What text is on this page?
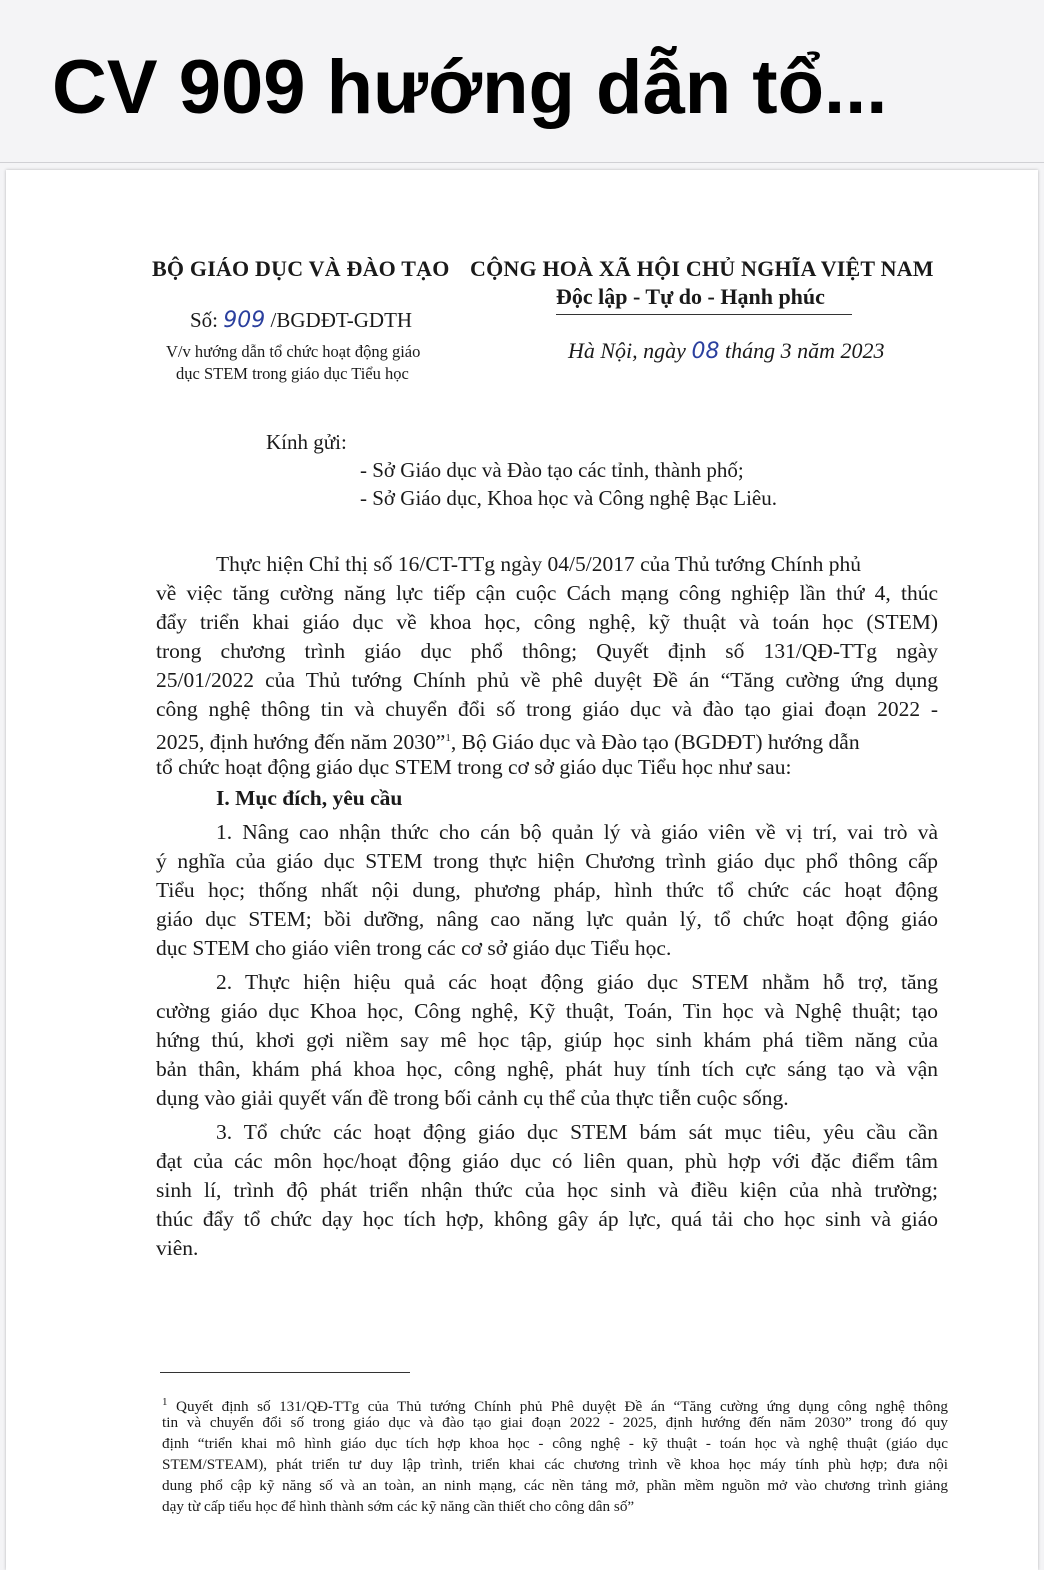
CV 909 hướng dẫn tổ...
BỘ GIÁO DỤC VÀ ĐÀO TẠO CỘNG HOÀ XÃ HỘI CHỦ NGHĨA VIỆT NAM
Độc lập - Tự do - Hạnh phúc
Số: 909 /BGDĐT-GDTH
V/v hướng dẫn tổ chức hoạt động giáo
dục STEM trong giáo dục Tiểu học
Hà Nội, ngày 08 tháng 3 năm 2023
Kính gửi:
- Sở Giáo dục và Đào tạo các tỉnh, thành phố;
- Sở Giáo dục, Khoa học và Công nghệ Bạc Liêu.
Thực hiện Chỉ thị số 16/CT-TTg ngày 04/5/2017 của Thủ tướng Chính phủ
về việc tăng cường năng lực tiếp cận cuộc Cách mạng công nghiệp lần thứ 4, thúc
đẩy triển khai giáo dục về khoa học, công nghệ, kỹ thuật và toán học (STEM)
trong chương trình giáo dục phổ thông; Quyết định số 131/QĐ-TTg ngày
25/01/2022 của Thủ tướng Chính phủ về phê duyệt Đề án “Tăng cường ứng dụng
công nghệ thông tin và chuyển đổi số trong giáo dục và đào tạo giai đoạn 2022 -
2025, định hướng đến năm 2030”$^1$, Bộ Giáo dục và Đào tạo (BGDĐT) hướng dẫn
tổ chức hoạt động giáo dục STEM trong cơ sở giáo dục Tiểu học như sau:
I. Mục đích, yêu cầu
1. Nâng cao nhận thức cho cán bộ quản lý và giáo viên về vị trí, vai trò và
ý nghĩa của giáo dục STEM trong thực hiện Chương trình giáo dục phổ thông cấp
Tiểu học; thống nhất nội dung, phương pháp, hình thức tổ chức các hoạt động
giáo dục STEM; bồi dưỡng, nâng cao năng lực quản lý, tổ chức hoạt động giáo
dục STEM cho giáo viên trong các cơ sở giáo dục Tiểu học.
2. Thực hiện hiệu quả các hoạt động giáo dục STEM nhằm hỗ trợ, tăng
cường giáo dục Khoa học, Công nghệ, Kỹ thuật, Toán, Tin học và Nghệ thuật; tạo
hứng thú, khơi gợi niềm say mê học tập, giúp học sinh khám phá tiềm năng của
bản thân, khám phá khoa học, công nghệ, phát huy tính tích cực sáng tạo và vận
dụng vào giải quyết vấn đề trong bối cảnh cụ thể của thực tiễn cuộc sống.
3. Tổ chức các hoạt động giáo dục STEM bám sát mục tiêu, yêu cầu cần
đạt của các môn học/hoạt động giáo dục có liên quan, phù hợp với đặc điểm tâm
sinh lí, trình độ phát triển nhận thức của học sinh và điều kiện của nhà trường;
thúc đẩy tổ chức dạy học tích hợp, không gây áp lực, quá tải cho học sinh và giáo
viên.
$^1$ Quyết định số 131/QĐ-TTg của Thủ tướng Chính phủ Phê duyệt Đề án “Tăng cường ứng dụng công nghệ thông
tin và chuyển đổi số trong giáo dục và đào tạo giai đoạn 2022 - 2025, định hướng đến năm 2030” trong đó quy
định “triển khai mô hình giáo dục tích hợp khoa học - công nghệ - kỹ thuật - toán học và nghệ thuật (giáo dục
STEM/STEAM), phát triển tư duy lập trình, triển khai các chương trình về khoa học máy tính phù hợp; đưa nội
dung phổ cập kỹ năng số và an toàn, an ninh mạng, các nền tảng mở, phần mềm nguồn mở vào chương trình giảng
dạy từ cấp tiểu học để hình thành sớm các kỹ năng cần thiết cho công dân số”
